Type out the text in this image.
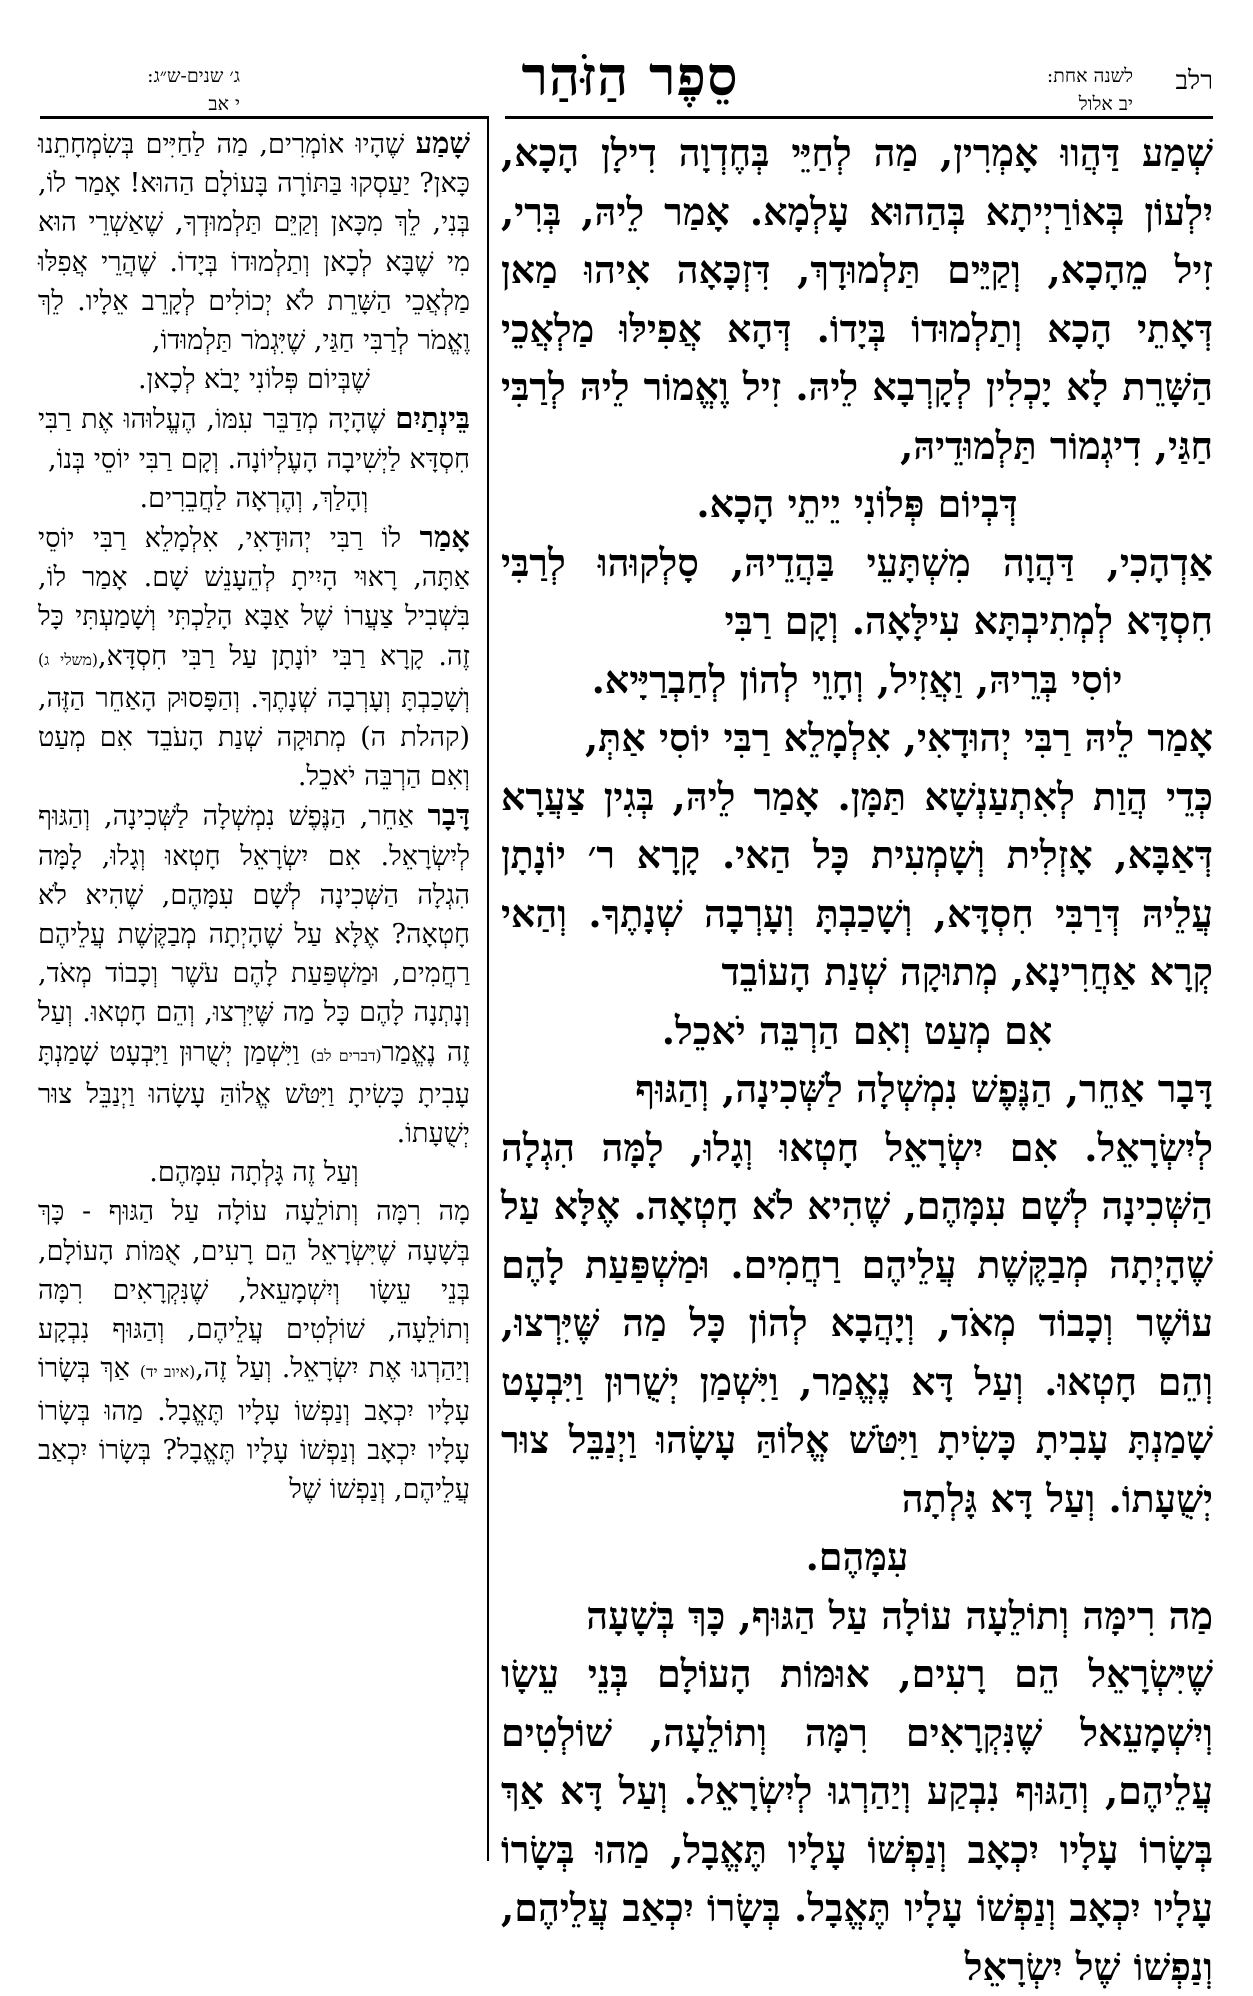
רלב
לשנה אחת:
יב אלול
סֵפֶר הַזֹּהַר
ג׳ שנים-ש״ג:
י אב

שְׁמַע דַּהֲווּ אָמְרִין, מַה לְחַיֵּי בְּחֶדְוָה דִילָן הָכָא, יִלְעוֹן בְּאוֹרַיְיתָא בְּהַהוּא עָלְמָא. אָמַר לֵיהּ, בְּרִי, זִיל מֵהָכָא, וְקַיֵּים תַּלְמוּדָךְ, דִּזְכָּאָה אִיהוּ מַאן דְּאָתֵי הָכָא וְתַלְמוּדוֹ בְּיָדוֹ. דְּהָא אֲפִילּוּ מַלְאֲכֵי הַשָּׁרֵת לָא יָכְלִין לְקָרְבָא לֵיהּ. זִיל וֶאֱמוֹר לֵיהּ לְרַבִּי חַגַּי, דִיגְמוֹר תַּלְמוּדֵיהּ,

דְּבְיוֹם פְּלוֹנִי יֵיתֵי הָכָא.

אַדְהָכִי, דַּהֲוָה מִשְׁתָּעֵי בַּהֲדֵיהּ, סָלְקוּהוּ לְרַבִּי חִסְדָּא לְמְתִיבְתָּא עִילָּאָה. וְקָם רַבִּי

יוֹסִי בְּרֵיהּ, וַאֲזִיל, וְחָוֵי לְהוֹן לְחַבְרַיָּיא.

אָמַר לֵיהּ רַבִּי יְהוּדָאִי, אִלְמָלֵא רַבִּי יוֹסִי אַתְּ,

כְּדֵי הֲוַת לְאִתְעַנְשָׁא תַּמָּן. אָמַר לֵיהּ, בְּגִין צַעֲרָא דְּאַבָּא, אָזְלִית וְשָׁמְעִית כָּל הַאי. קָרָא ר׳ יוֹנָתָן עֲלֵיהּ דְּרַבִּי חִסְדָּא, וְשָׁכַבְתָּ וְעָרְבָה שְׁנָתֶךָ. וְהַאי קְרָא אַחֲרִינָא, מְתוּקָה שְׁנַת הָעוֹבֵד

אִם מְעַט וְאִם הַרְבֵּה יֹאכֵל.

דָּבָר אַחֵר, הַנֶּפֶשׁ נִמְשְׁלָה לַשְּׁכִינָה, וְהַגּוּף

לְיִשְׂרָאֵל. אִם יִשְׂרָאֵל חָטְאוּ וְגָלוּ, לָמָּה הִגְלָה הַשְּׁכִינָה לְשָׁם עִמָּהֶם, שֶׁהִיא לֹא חָטְאָה. אֶלָּא עַל שֶׁהָיְתָה מְבַקֶּשֶׁת עֲלֵיהֶם רַחֲמִים. וּמַשְׁפַּעַת לָהֶם עוֹשֶׁר וְכָבוֹד מְאֹד, וְיָהֲבָא לְהוֹן כָּל מַה שֶּׁיִּרְצוּ, וְהֵם חָטְאוּ. וְעַל דָּא נֶאֱמַר, וַיִּשְׁמַן יְשֻׁרוּן וַיִּבְעָט שָׁמַנְתָּ עָבִיתָ כָּשִׂיתָ וַיִּטֹּשׁ אֱלוֹהַּ עָשָׂהוּ וַיְנַבֵּל צוּר יְשֻׁעָתוֹ. וְעַל דָּא גָּלְתָה

עִמָּהֶם.

מַה רִימָּה וְתוֹלֵעָה עוֹלָה עַל הַגּוּף, כָּךְ בְּשָׁעָה

שֶׁיִּשְׂרָאֵל הֵם רָעִים, אוּמּוֹת הָעוֹלָם בְּנֵי עֵשָׂו וְיִשְׁמָעֵאל שֶׁנִּקְרָאִים רִמָּה וְתוֹלֵעָה, שׁוֹלְטִים עֲלֵיהֶם, וְהַגּוּף נִבְקַע וְיַהַרְגוּ לְיִשְׂרָאֵל. וְעַל דָּא אַךְ בְּשָׂרוֹ עָלָיו יִכְאָב וְנַפְשׁוֹ עָלָיו תֶּאֱבָל, מַהוּ בְּשָׂרוֹ עָלָיו יִכְאָב וְנַפְשׁוֹ עָלָיו תֶּאֱבָל. בְּשָׂרוֹ יִכְאַב עֲלֵיהֶם, וְנַפְשׁוֹ שֶׁל יִשְׂרָאֵל

שָׁמַע שֶׁהָיוּ אוֹמְרִים, מַה לַחַיִּים בְּשִׂמְחָתֵנוּ כָּאן? יַעַסְקוּ בַּתּוֹרָה בָּעוֹלָם הַהוּא! אָמַר לוֹ, בְּנִי, לֵךְ מִכָּאן וְקַיֵּם תַּלְמוּדְךָ, שֶׁאַשְׁרֵי הוּא מִי שֶׁבָּא לְכָאן וְתַלְמוּדוֹ בְּיָדוֹ. שֶׁהֲרֵי אֲפִלּוּ מַלְאֲכֵי הַשָּׁרֵת לֹא יְכוֹלִים לְקָרֵב אֵלָיו. לֵךְ וֶאֱמֹר לְרַבִּי חַגַּי, שֶׁיִּגְמֹר תַּלְמוּדוֹ,

שֶׁבְּיוֹם פְּלוֹנִי יָבֹא לְכָאן.

בֵּינְתַיִם שֶׁהָיָה מְדַבֵּר עִמּוֹ, הֶעֱלוּהוּ אֶת רַבִּי חִסְדָּא לַיְשִׁיבָה הָעֶלְיוֹנָה. וְקָם רַבִּי יוֹסֵי בְּנוֹ,

וְהָלַךְ, וְהֶרְאָה לַחֲבֵרִים.

אָמַר לוֹ רַבִּי יְהוּדָאִי, אִלְמָלֵא רַבִּי יוֹסֵי אַתָּה, רָאוּי הָיִיתָ לְהֵעָנֵשׁ שָׁם. אָמַר לוֹ, בִּשְׁבִיל צַעֲרוֹ שֶׁל אַבָּא הָלַכְתִּי וְשָׁמַעְתִּי כָּל זֶה. קָרָא רַבִּי יוֹנָתָן עַל רַבִּי חִסְדָּא,(משלי ג) וְשָׁכַבְתָּ וְעָרְבָה שְׁנָתֶךָ. וְהַפָּסוּק הָאַחֵר הַזֶּה, (קהלת ה) מְתוּקָה שְׁנַת הָעֹבֵד אִם מְעַט וְאִם הַרְבֵּה יֹאכֵל.

דָּבָר אַחֵר, הַנֶּפֶשׁ נִמְשְׁלָה לַשְּׁכִינָה, וְהַגּוּף לְיִשְׂרָאֵל. אִם יִשְׂרָאֵל חָטְאוּ וְגָלוּ, לָמָּה הִגְלָה הַשְּׁכִינָה לְשָׁם עִמָּהֶם, שֶׁהִיא לֹא חָטְאָה? אֶלָּא עַל שֶׁהָיְתָה מְבַקֶּשֶׁת עֲלֵיהֶם רַחֲמִים, וּמַשְׁפַּעַת לָהֶם עֹשֶׁר וְכָבוֹד מְאֹד, וְנָתְנָה לָהֶם כָּל מַה שֶּׁיִּרְצוּ, וְהֵם חָטְאוּ. וְעַל זֶה נֶאֱמַר(דברים לב) וַיִּשְׁמַן יְשֻׁרוּן וַיִּבְעָט שָׁמַנְתָּ עָבִיתָ כָּשִׂיתָ וַיִּטֹּשׁ אֱלוֹהַּ עָשָׂהוּ וַיְנַבֵּל צוּר יְשֻׁעָתוֹ.

וְעַל זֶה גָּלְתָה עִמָּהֶם.

מָה רִמָּה וְתוֹלֵעָה עוֹלָה עַל הַגּוּף - כָּךְ בְּשָׁעָה שֶׁיִּשְׂרָאֵל הֵם רָעִים, אֻמּוֹת הָעוֹלָם, בְּנֵי עֵשָׂו וְיִשְׁמָעֵאל, שֶׁנִּקְרָאִים רִמָּה וְתוֹלֵעָה, שׁוֹלְטִים עֲלֵיהֶם, וְהַגּוּף נִבְקָע וְיַהַרְגוּ אֶת יִשְׂרָאֵל. וְעַל זֶה,(איוב יד) אַךְ בְּשָׂרוֹ עָלָיו יִכְאָב וְנַפְשׁוֹ עָלָיו תֶּאֱבָל. מַהוּ בְּשָׂרוֹ עָלָיו יִכְאָב וְנַפְשׁוֹ עָלָיו תֶּאֱבָל? בְּשָׂרוֹ יִכְאַב עֲלֵיהֶם, וְנַפְשׁוֹ שֶׁל
